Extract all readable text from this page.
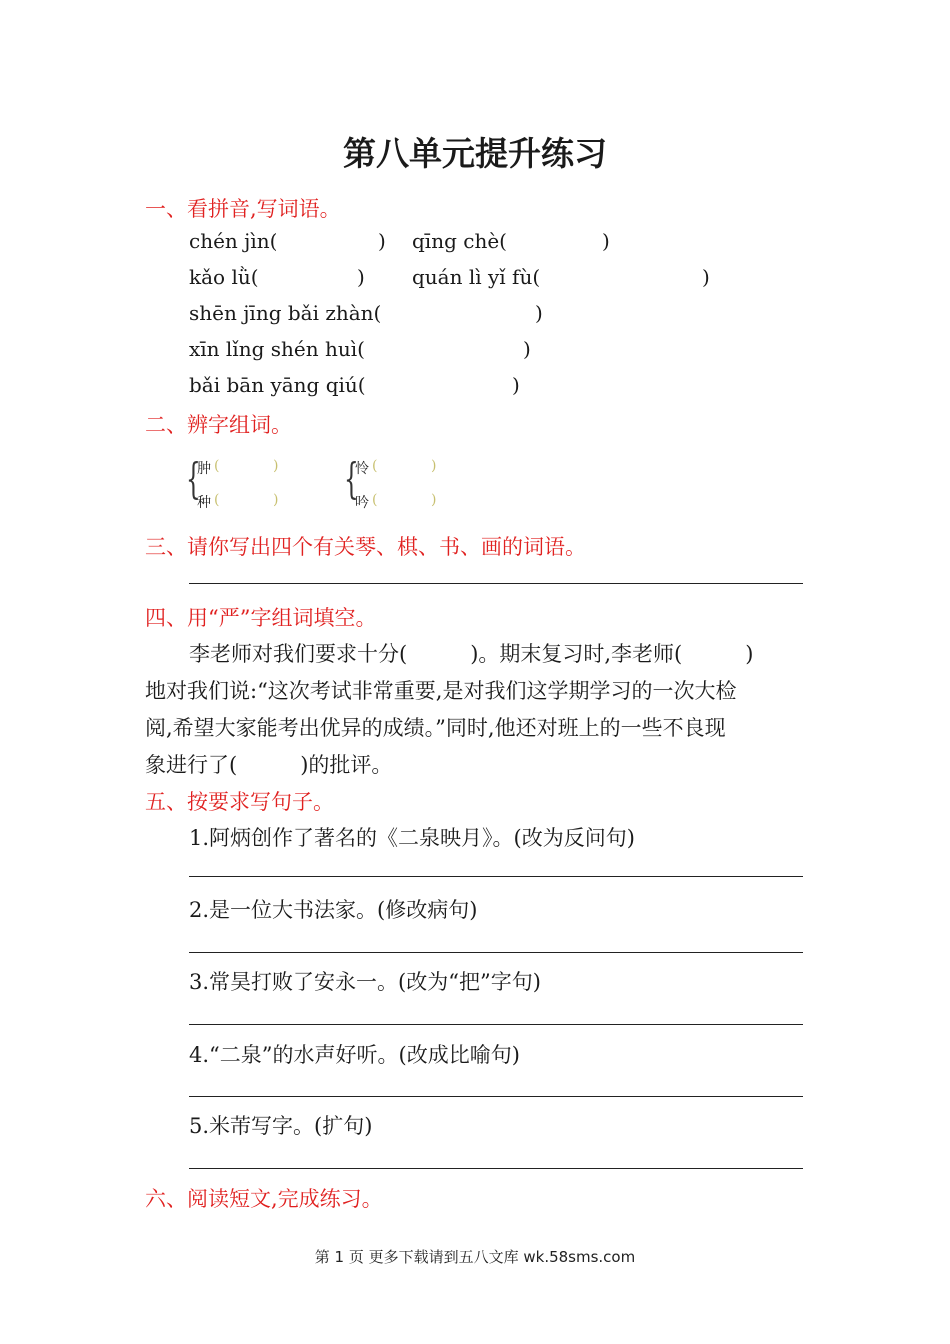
第八单元提升练习
一、看拼音,写词语。
chén jìn(	) qīng chè(	)
kǎo lǜ(	) quán lì yǐ fù(	)
shēn jīng bǎi zhàn(	)
xīn lǐng shén huì(	)
bǎi bān yāng qiú(	)
二、辨字组词。
{
肿 (	)
种 (	) {
怜 (	)
吟 (	)
三、请你写出四个有关琴、棋、书、画的词语。
四、用“严”字组词填空。
李老师对我们要求十分(　　　)。期末复习时,李老师(　　　)
地对我们说:“这次考试非常重要,是对我们这学期学习的一次大检
阅,希望大家能考出优异的成绩。”同时,他还对班上的一些不良现
象进行了(　　　)的批评。
五、按要求写句子。
1.阿炳创作了著名的《二泉映月》。(改为反问句)
2.是一位大书法家。(修改病句)
3.常昊打败了安永一。(改为“把”字句)
4.“二泉”的水声好听。(改成比喻句)
5.米芾写字。(扩句)
六、阅读短文,完成练习。
第 1 页 更多下载请到五八文库 wk.58sms.com
